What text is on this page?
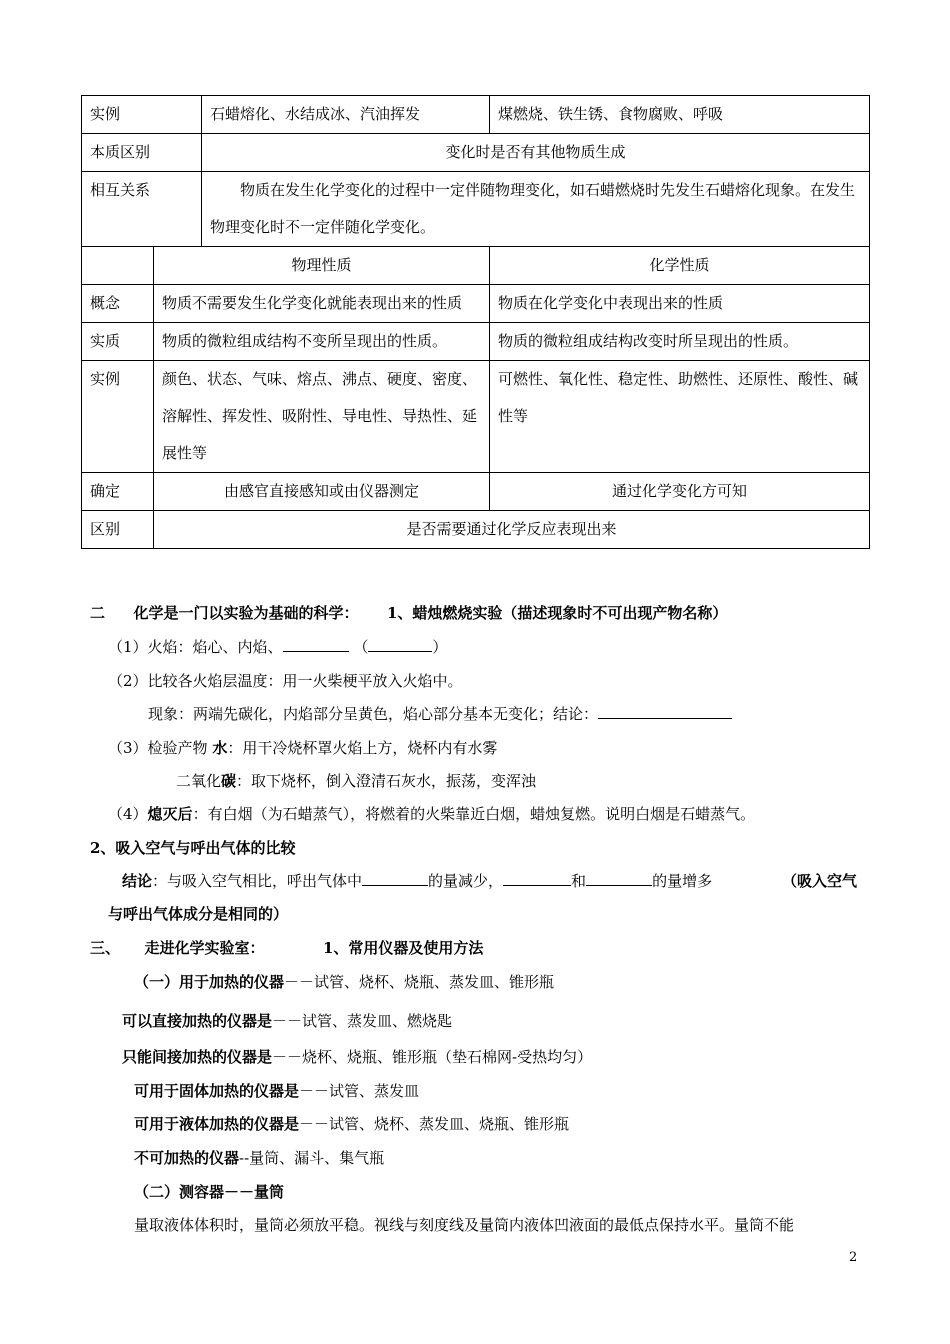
实例		石蜡熔化、水结成冰、汽油挥发	煤燃烧、铁生锈、食物腐败、呼吸
本质区别		变化时是否有其他物质生成	
相互关系		物质在发生化学变化的过程中一定伴随物理变化，如石蜡燃烧时先发生石蜡熔化现象。在发生物理变化时不一定伴随化学变化。	
	物理性质		化学性质
概念	物质不需要发生化学变化就能表现出来的性质		物质在化学变化中表现出来的性质
实质	物质的微粒组成结构不变所呈现出的性质。		物质的微粒组成结构改变时所呈现出的性质。
实例	颜色、状态、气味、熔点、沸点、硬度、密度、溶解性、挥发性、吸附性、导电性、导热性、延展性等		可燃性、氧化性、稳定性、助燃性、还原性、酸性、碱性等
确定	由感官直接感知或由仪器测定		通过化学变化方可知
区别	是否需要通过化学反应表现出来		
二 化学是一门以实验为基础的科学： 1、蜡烛燃烧实验（描述现象时不可出现产物名称）
（1）火焰：焰心、内焰、	（	）
（2）比较各火焰层温度：用一火柴梗平放入火焰中。
现象：两端先碳化，内焰部分呈黄色，焰心部分基本无变化；结论：
（3）检验产物 水：用干冷烧杯罩火焰上方，烧杯内有水雾
二氧化碳：取下烧杯，倒入澄清石灰水，振荡，变浑浊
（4）熄灭后：有白烟（为石蜡蒸气），将燃着的火柴靠近白烟，蜡烛复燃。说明白烟是石蜡蒸气。
2、吸入空气与呼出气体的比较
结论：与吸入空气相比，呼出气体中	的量减少，	和	的量增多	（吸入空气
与呼出气体成分是相同的）
三、 走进化学实验室：	1、常用仪器及使用方法
（一）用于加热的仪器－－试管、烧杯、烧瓶、蒸发皿、锥形瓶
可以直接加热的仪器是－－试管、蒸发皿、燃烧匙
只能间接加热的仪器是－－烧杯、烧瓶、锥形瓶（垫石棉网-受热均匀）
可用于固体加热的仪器是－－试管、蒸发皿
可用于液体加热的仪器是－－试管、烧杯、蒸发皿、烧瓶、锥形瓶
不可加热的仪器--量筒、漏斗、集气瓶
（二）测容器－－量筒
量取液体体积时，量筒必须放平稳。视线与刻度线及量筒内液体凹液面的最低点保持水平。量筒不能
2
